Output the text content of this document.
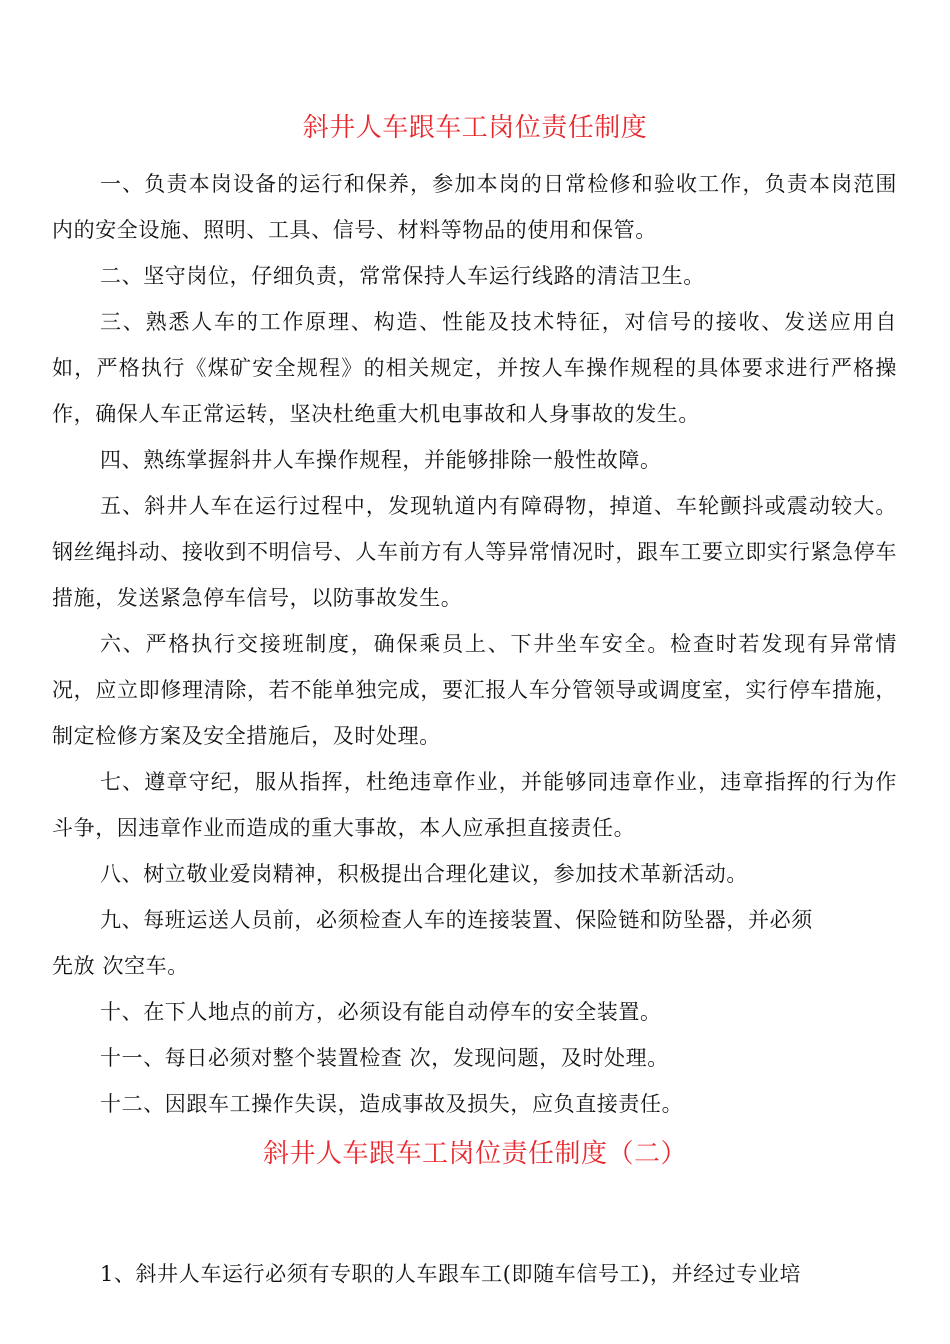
斜井人车跟车工岗位责任制度
一、负责本岗设备的运行和保养，参加本岗的日常检修和验收工作，负责本岗范围内的安全设施、照明、工具、信号、材料等物品的使用和保管。
二、坚守岗位，仔细负责，常常保持人车运行线路的清洁卫生。
三、熟悉人车的工作原理、构造、性能及技术特征，对信号的接收、发送应用自如，严格执行《煤矿安全规程》的相关规定，并按人车操作规程的具体要求进行严格操作，确保人车正常运转，坚决杜绝重大机电事故和人身事故的发生。
四、熟练掌握斜井人车操作规程，并能够排除一般性故障。
五、斜井人车在运行过程中，发现轨道内有障碍物，掉道、车轮颤抖或震动较大。钢丝绳抖动、接收到不明信号、人车前方有人等异常情况时，跟车工要立即实行紧急停车措施，发送紧急停车信号，以防事故发生。
六、严格执行交接班制度，确保乘员上、下井坐车安全。检查时若发现有异常情况，应立即修理清除，若不能单独完成，要汇报人车分管领导或调度室，实行停车措施，制定检修方案及安全措施后，及时处理。
七、遵章守纪，服从指挥，杜绝违章作业，并能够同违章作业，违章指挥的行为作斗争，因违章作业而造成的重大事故，本人应承担直接责任。
八、树立敬业爱岗精神，积极提出合理化建议，参加技术革新活动。
九、每班运送人员前，必须检查人车的连接装置、保险链和防坠器，并必须
先放 次空车。
十、在下人地点的前方，必须设有能自动停车的安全装置。
十一、每日必须对整个装置检查 次，发现问题，及时处理。
十二、因跟车工操作失误，造成事故及损失，应负直接责任。
斜井人车跟车工岗位责任制度（二）
1、斜井人车运行必须有专职的人车跟车工(即随车信号工)，并经过专业培
